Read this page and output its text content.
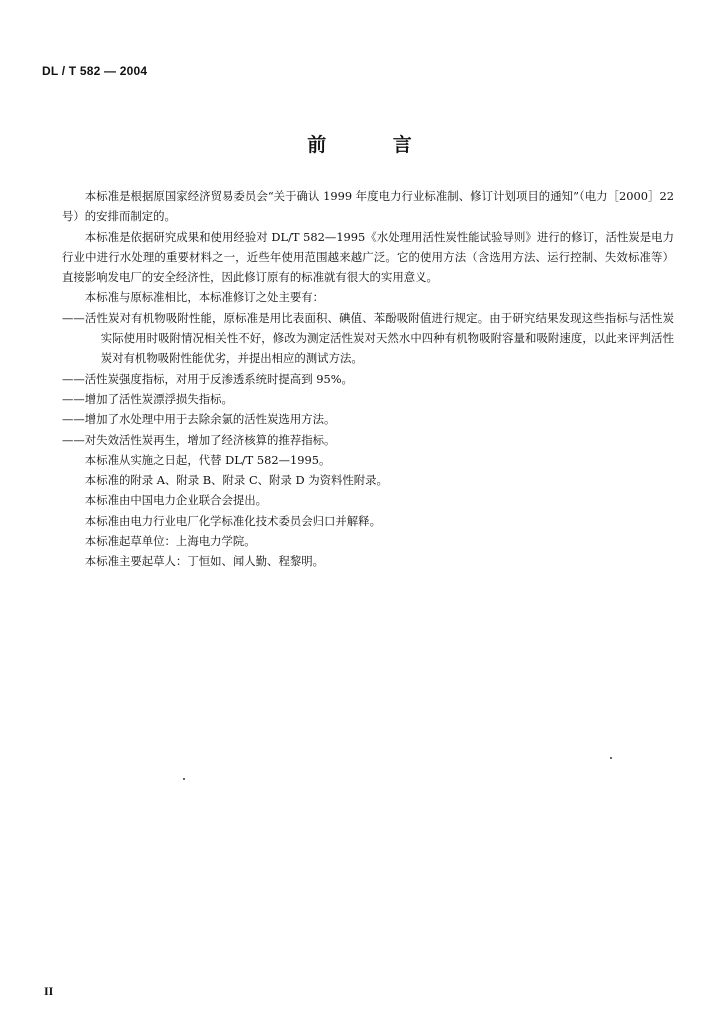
DL / T 582 — 2004
前 言

本标准是根据原国家经济贸易委员会“关于确认 1999 年度电力行业标准制、修订计划项目的通知”（电力［2000］22 号）的安排而制定的。

本标准是依据研究成果和使用经验对 DL/T 582—1995《水处理用活性炭性能试验导则》进行的修订，活性炭是电力行业中进行水处理的重要材料之一，近些年使用范围越来越广泛。它的使用方法（含选用方法、运行控制、失效标准等）直接影响发电厂的安全经济性，因此修订原有的标准就有很大的实用意义。

本标准与原标准相比，本标准修订之处主要有：

——活性炭对有机物吸附性能，原标准是用比表面积、碘值、苯酚吸附值进行规定。由于研究结果发现这些指标与活性炭实际使用时吸附情况相关性不好，修改为测定活性炭对天然水中四种有机物吸附容量和吸附速度，以此来评判活性炭对有机物吸附性能优劣，并提出相应的测试方法。

——活性炭强度指标，对用于反渗透系统时提高到 95%。

——增加了活性炭漂浮损失指标。

——增加了水处理中用于去除余氯的活性炭选用方法。

——对失效活性炭再生，增加了经济核算的推荐指标。

本标准从实施之日起，代替 DL/T 582—1995。

本标准的附录 A、附录 B、附录 C、附录 D 为资料性附录。

本标准由中国电力企业联合会提出。

本标准由电力行业电厂化学标准化技术委员会归口并解释。

本标准起草单位：上海电力学院。

本标准主要起草人：丁恒如、闻人勤、程黎明。

II
